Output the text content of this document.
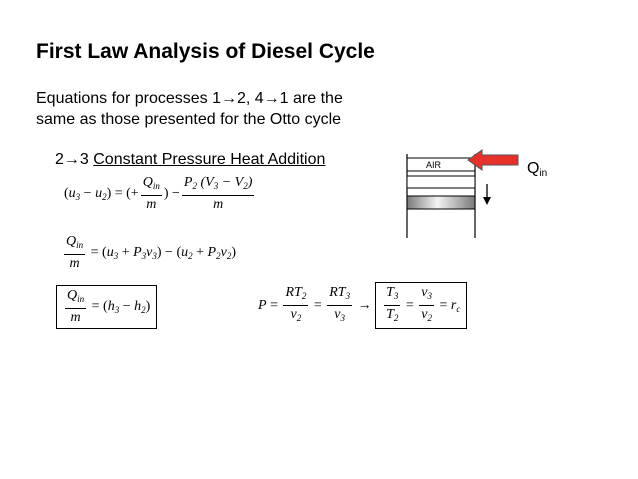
First Law Analysis of Diesel Cycle
Equations for processes 1→2, 4→1 are the
same as those presented for the Otto cycle
2→3 Constant Pressure Heat Addition
( $u_3 - u_2$ ) = (+ $\frac{Q_{in}}{m}$ ) − $\frac{P_2 (V_3 - V_2)}{m}$
$\frac{Q_{in}}{m}$ = ( $u_3 + P_3v_3$ ) − ( $u_2 + P_2v_2$ )
$\frac{Q_{in}}{m}$ = ( $h_3 - h_2$ )	$P = \frac{RT_2}{v_2} = \frac{RT_3}{v_3} \to \frac{T_3}{T_2} = \frac{v_3}{v_2} = r_c$
AIR	$Q_{in}$
